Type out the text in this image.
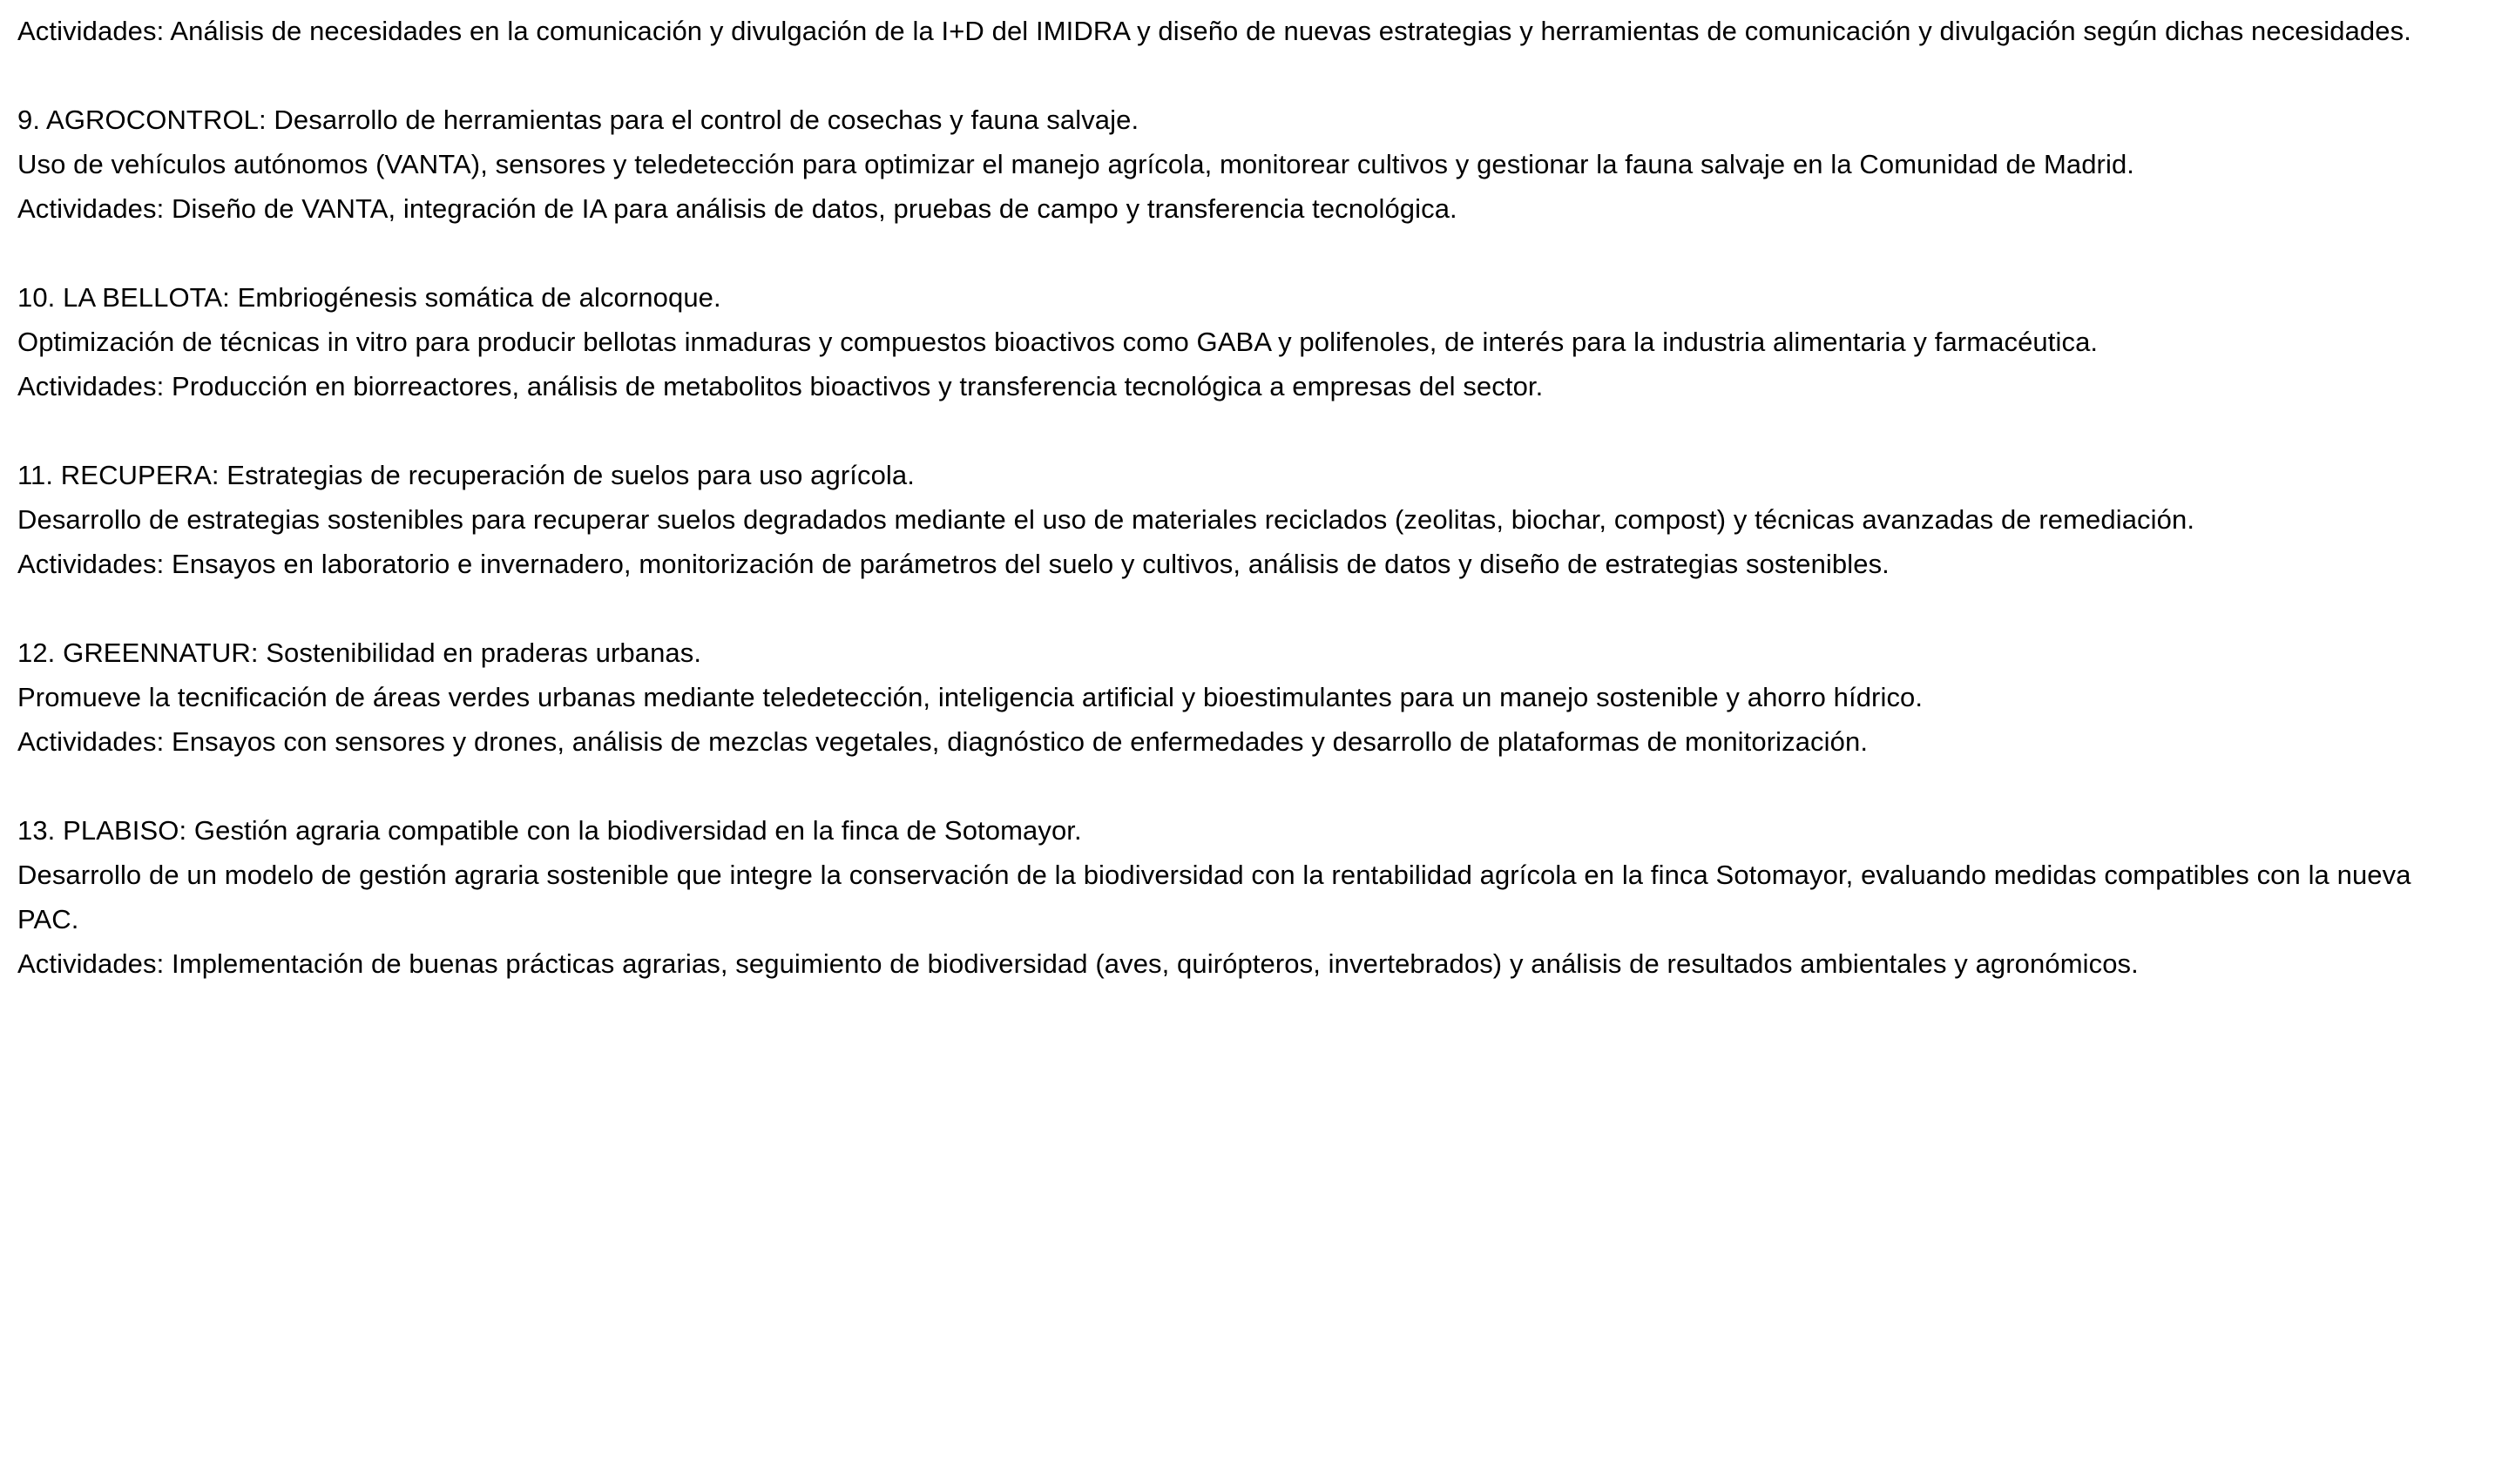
Actividades: Análisis de necesidades en la comunicación y divulgación de la I+D del IMIDRA y diseño de nuevas estrategias y herramientas de comunicación y divulgación según dichas necesidades.

9. AGROCONTROL: Desarrollo de herramientas para el control de cosechas y fauna salvaje.

Uso de vehículos autónomos (VANTA), sensores y teledetección para optimizar el manejo agrícola, monitorear cultivos y gestionar la fauna salvaje en la Comunidad de Madrid.

Actividades: Diseño de VANTA, integración de IA para análisis de datos, pruebas de campo y transferencia tecnológica.

10. LA BELLOTA: Embriogénesis somática de alcornoque.

Optimización de técnicas in vitro para producir bellotas inmaduras y compuestos bioactivos como GABA y polifenoles, de interés para la industria alimentaria y farmacéutica.

Actividades: Producción en biorreactores, análisis de metabolitos bioactivos y transferencia tecnológica a empresas del sector.

11. RECUPERA: Estrategias de recuperación de suelos para uso agrícola.

Desarrollo de estrategias sostenibles para recuperar suelos degradados mediante el uso de materiales reciclados (zeolitas, biochar, compost) y técnicas avanzadas de remediación.

Actividades: Ensayos en laboratorio e invernadero, monitorización de parámetros del suelo y cultivos, análisis de datos y diseño de estrategias sostenibles.

12. GREENNATUR: Sostenibilidad en praderas urbanas.

Promueve la tecnificación de áreas verdes urbanas mediante teledetección, inteligencia artificial y bioestimulantes para un manejo sostenible y ahorro hídrico.

Actividades: Ensayos con sensores y drones, análisis de mezclas vegetales, diagnóstico de enfermedades y desarrollo de plataformas de monitorización.

13. PLABISO: Gestión agraria compatible con la biodiversidad en la finca de Sotomayor.

Desarrollo de un modelo de gestión agraria sostenible que integre la conservación de la biodiversidad con la rentabilidad agrícola en la finca Sotomayor, evaluando medidas compatibles con la nueva PAC.

Actividades: Implementación de buenas prácticas agrarias, seguimiento de biodiversidad (aves, quirópteros, invertebrados) y análisis de resultados ambientales y agronómicos.
